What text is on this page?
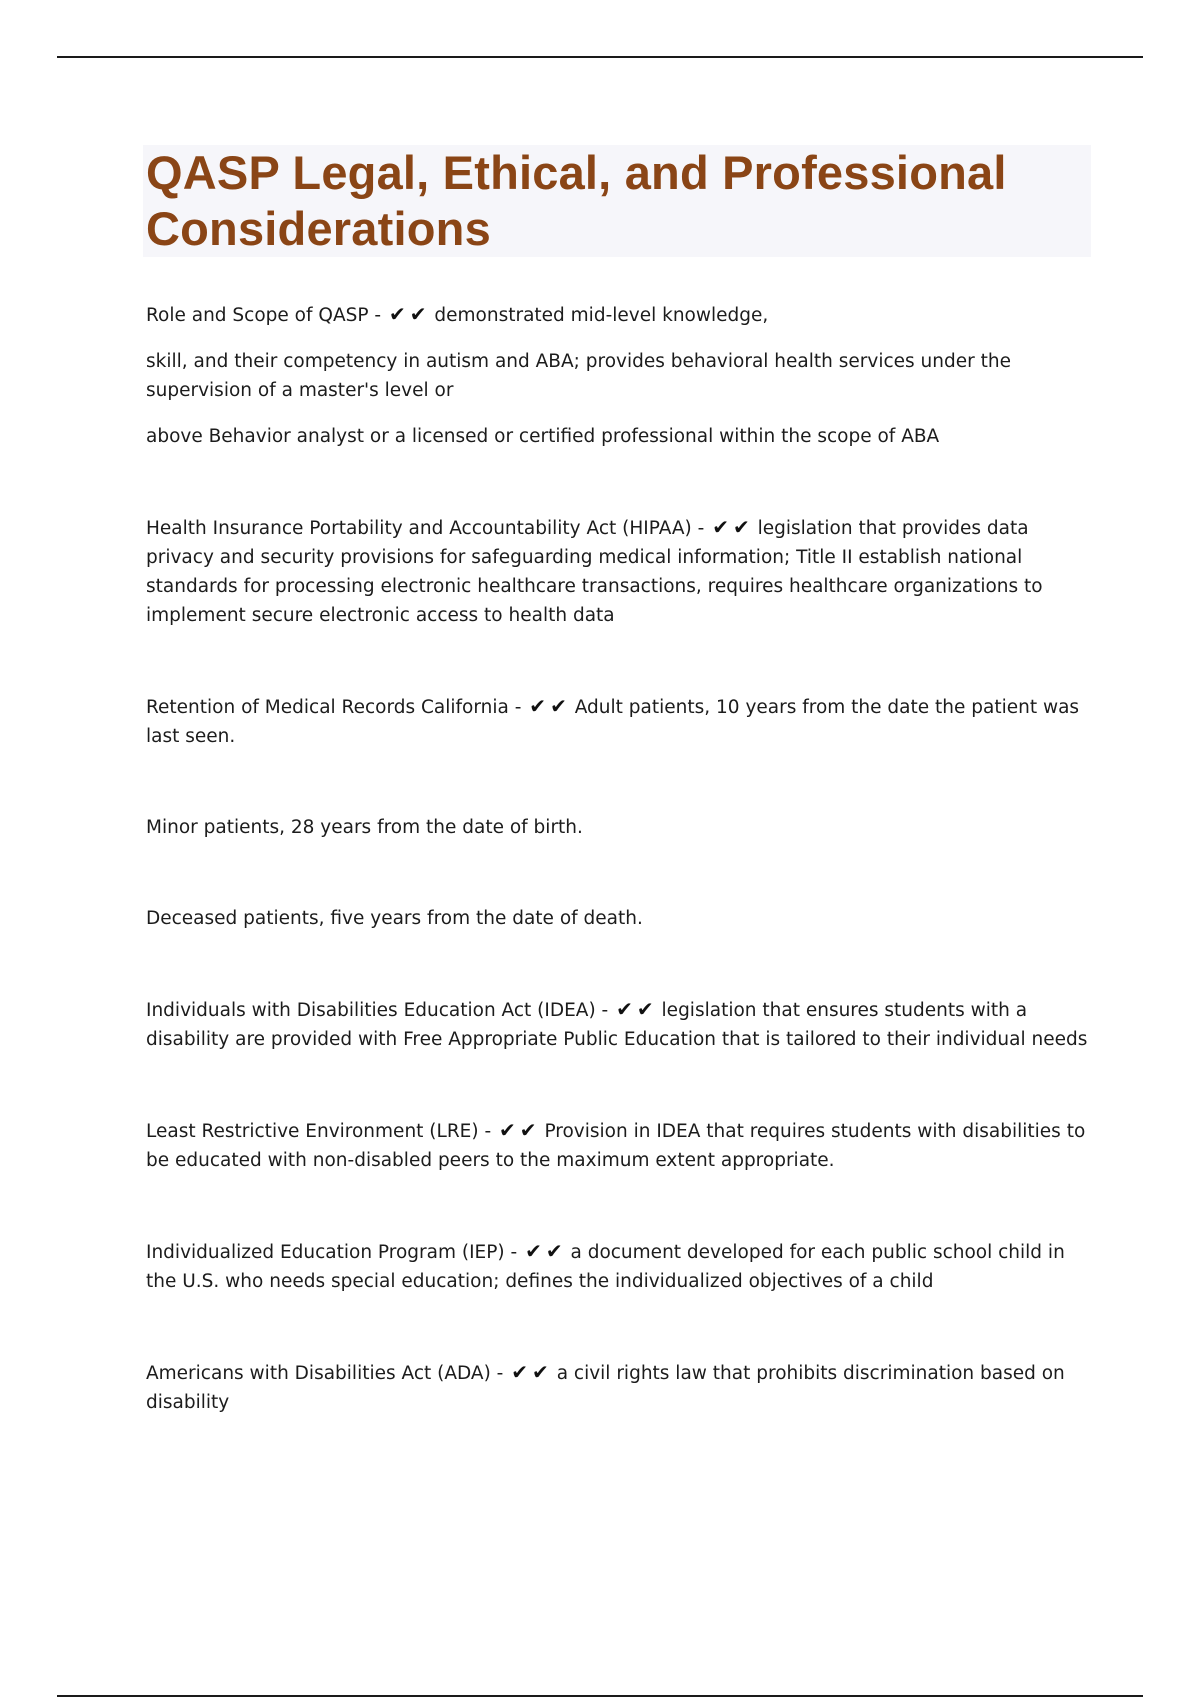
QASP Legal, Ethical, and Professional Considerations

Role and Scope of QASP - ✔ ✔ demonstrated mid-level knowledge,

skill, and their competency in autism and ABA; provides behavioral health services under the supervision of a master's level or

above Behavior analyst or a licensed or certified professional within the scope of ABA

Health Insurance Portability and Accountability Act (HIPAA) - ✔ ✔ legislation that provides data privacy and security provisions for safeguarding medical information; Title II establish national standards for processing electronic healthcare transactions, requires healthcare organizations to implement secure electronic access to health data

Retention of Medical Records California - ✔ ✔ Adult patients, 10 years from the date the patient was last seen.

Minor patients, 28 years from the date of birth.

Deceased patients, five years from the date of death.

Individuals with Disabilities Education Act (IDEA) - ✔ ✔ legislation that ensures students with a disability are provided with Free Appropriate Public Education that is tailored to their individual needs

Least Restrictive Environment (LRE) - ✔ ✔ Provision in IDEA that requires students with disabilities to be educated with non-disabled peers to the maximum extent appropriate.

Individualized Education Program (IEP) - ✔ ✔ a document developed for each public school child in the U.S. who needs special education; defines the individualized objectives of a child

Americans with Disabilities Act (ADA) - ✔ ✔ a civil rights law that prohibits discrimination based on disability
